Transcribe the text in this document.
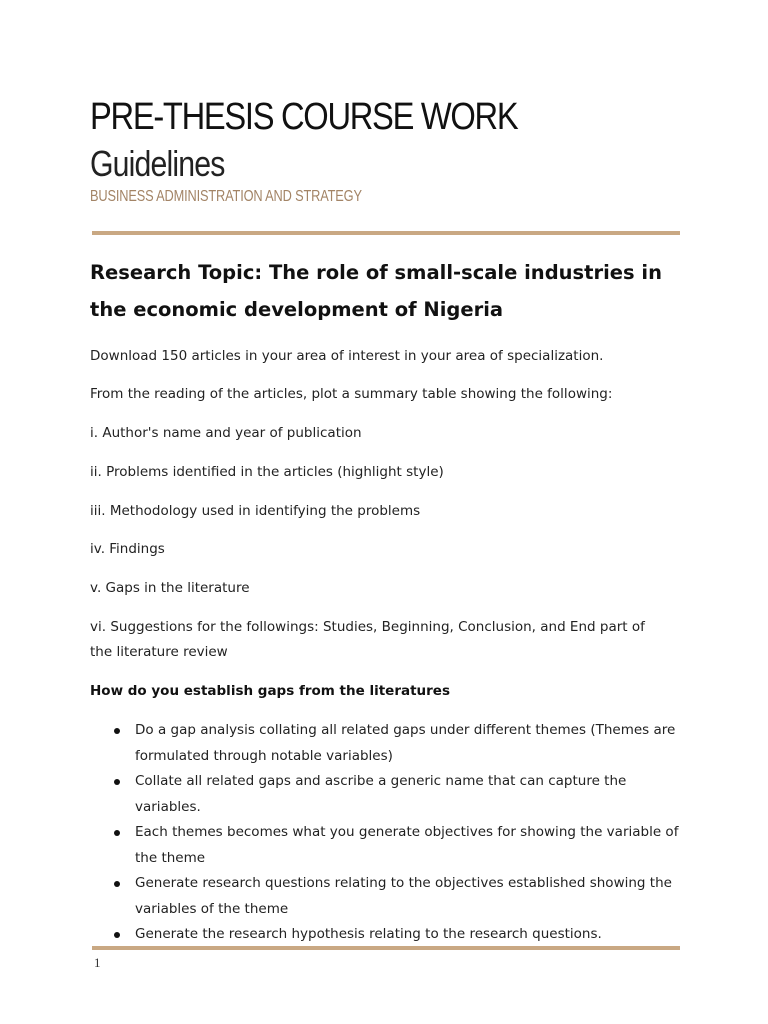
PRE-THESIS COURSE WORK
Guidelines
BUSINESS ADMINISTRATION AND STRATEGY
Research Topic: The role of small-scale industries in the economic development of Nigeria

Download 150 articles in your area of interest in your area of specialization.

From the reading of the articles, plot a summary table showing the following:

i. Author's name and year of publication

ii. Problems identified in the articles (highlight style)

iii. Methodology used in identifying the problems

iv. Findings

v. Gaps in the literature

vi. Suggestions for the followings: Studies, Beginning, Conclusion, and End part of the literature review

How do you establish gaps from the literatures

Do a gap analysis collating all related gaps under different themes (Themes are formulated through notable variables)
Collate all related gaps and ascribe a generic name that can capture the variables.
Each themes becomes what you generate objectives for showing the variable of the theme
Generate research questions relating to the objectives established showing the variables of the theme
Generate the research hypothesis relating to the research questions.
1
